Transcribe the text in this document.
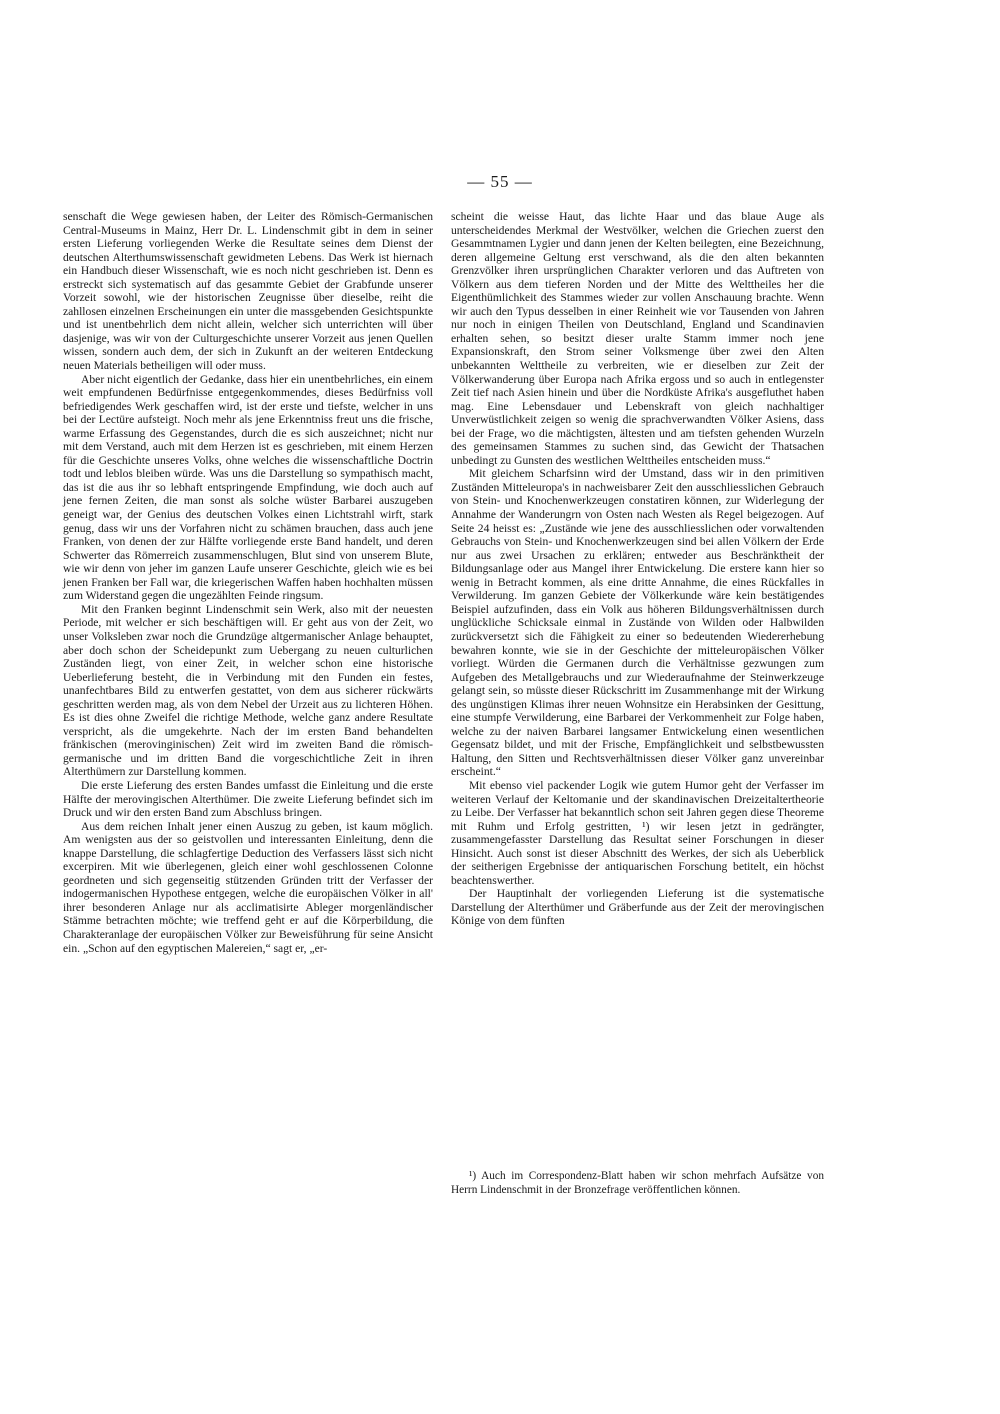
— 55 —

senschaft die Wege gewiesen haben, der Leiter des Römisch-Germanischen Central-Museums in Mainz, Herr Dr. L. Lindenschmit gibt in dem in seiner ersten Lieferung vorliegenden Werke die Resultate seines dem Dienst der deutschen Alterthumswissenschaft gewidmeten Lebens. Das Werk ist hiernach ein Handbuch dieser Wissenschaft, wie es noch nicht geschrieben ist. Denn es erstreckt sich systematisch auf das gesammte Gebiet der Grabfunde unserer Vorzeit sowohl, wie der historischen Zeugnisse über dieselbe, reiht die zahllosen einzelnen Erscheinungen ein unter die massgebenden Gesichtspunkte und ist unentbehrlich dem nicht allein, welcher sich unterrichten will über dasjenige, was wir von der Culturgeschichte unserer Vorzeit aus jenen Quellen wissen, sondern auch dem, der sich in Zukunft an der weiteren Entdeckung neuen Materials betheiligen will oder muss.

Aber nicht eigentlich der Gedanke, dass hier ein unentbehrliches, ein einem weit empfundenen Bedürfnisse entgegenkommendes, dieses Bedürfniss voll befriedigendes Werk geschaffen wird, ist der erste und tiefste, welcher in uns bei der Lectüre aufsteigt. Noch mehr als jene Erkenntniss freut uns die frische, warme Erfassung des Gegenstandes, durch die es sich auszeichnet; nicht nur mit dem Verstand, auch mit dem Herzen ist es geschrieben, mit einem Herzen für die Geschichte unseres Volks, ohne welches die wissenschaftliche Doctrin todt und leblos bleiben würde. Was uns die Darstellung so sympathisch macht, das ist die aus ihr so lebhaft entspringende Empfindung, wie doch auch auf jene fernen Zeiten, die man sonst als solche wüster Barbarei auszugeben geneigt war, der Genius des deutschen Volkes einen Lichtstrahl wirft, stark genug, dass wir uns der Vorfahren nicht zu schämen brauchen, dass auch jene Franken, von denen der zur Hälfte vorliegende erste Band handelt, und deren Schwerter das Römerreich zusammenschlugen, Blut sind von unserem Blute, wie wir denn von jeher im ganzen Laufe unserer Geschichte, gleich wie es bei jenen Franken ber Fall war, die kriegerischen Waffen haben hochhalten müssen zum Widerstand gegen die ungezählten Feinde ringsum.

Mit den Franken beginnt Lindenschmit sein Werk, also mit der neuesten Periode, mit welcher er sich beschäftigen will. Er geht aus von der Zeit, wo unser Volksleben zwar noch die Grundzüge altgermanischer Anlage behauptet, aber doch schon der Scheidepunkt zum Uebergang zu neuen culturlichen Zuständen liegt, von einer Zeit, in welcher schon eine historische Ueberlieferung besteht, die in Verbindung mit den Funden ein festes, unanfechtbares Bild zu entwerfen gestattet, von dem aus sicherer rückwärts geschritten werden mag, als von dem Nebel der Urzeit aus zu lichteren Höhen. Es ist dies ohne Zweifel die richtige Methode, welche ganz andere Resultate verspricht, als die umgekehrte. Nach der im ersten Band behandelten fränkischen (merovinginischen) Zeit wird im zweiten Band die römisch-germanische und im dritten Band die vorgeschichtliche Zeit in ihren Alterthümern zur Darstellung kommen.

Die erste Lieferung des ersten Bandes umfasst die Einleitung und die erste Hälfte der merovingischen Alterthümer. Die zweite Lieferung befindet sich im Druck und wir den ersten Band zum Abschluss bringen.

Aus dem reichen Inhalt jener einen Auszug zu geben, ist kaum möglich. Am wenigsten aus der so geistvollen und interessanten Einleitung, denn die knappe Darstellung, die schlagfertige Deduction des Verfassers lässt sich nicht excerpiren. Mit wie überlegenen, gleich einer wohl geschlossenen Colonne geordneten und sich gegenseitig stützenden Gründen tritt der Verfasser der indogermanischen Hypothese entgegen, welche die europäischen Völker in all' ihrer besonderen Anlage nur als acclimatisirte Ableger morgenländischer Stämme betrachten möchte; wie treffend geht er auf die Körperbildung, die Charakteranlage der europäischen Völker zur Beweisführung für seine Ansicht ein. „Schon auf den egyptischen Malereien,“ sagt er, „er-

scheint die weisse Haut, das lichte Haar und das blaue Auge als unterscheidendes Merkmal der Westvölker, welchen die Griechen zuerst den Gesammtnamen Lygier und dann jenen der Kelten beilegten, eine Bezeichnung, deren allgemeine Geltung erst verschwand, als die den alten bekannten Grenzvölker ihren ursprünglichen Charakter verloren und das Auftreten von Völkern aus dem tieferen Norden und der Mitte des Welttheiles her die Eigenthümlichkeit des Stammes wieder zur vollen Anschauung brachte. Wenn wir auch den Typus desselben in einer Reinheit wie vor Tausenden von Jahren nur noch in einigen Theilen von Deutschland, England und Scandinavien erhalten sehen, so besitzt dieser uralte Stamm immer noch jene Expansionskraft, den Strom seiner Volksmenge über zwei den Alten unbekannten Welttheile zu verbreiten, wie er dieselben zur Zeit der Völkerwanderung über Europa nach Afrika ergoss und so auch in entlegenster Zeit tief nach Asien hinein und über die Nordküste Afrika's ausgefluthet haben mag. Eine Lebensdauer und Lebenskraft von gleich nachhaltiger Unverwüstlichkeit zeigen so wenig die sprachverwandten Völker Asiens, dass bei der Frage, wo die mächtigsten, ältesten und am tiefsten gehenden Wurzeln des gemeinsamen Stammes zu suchen sind, das Gewicht der Thatsachen unbedingt zu Gunsten des westlichen Welttheiles entscheiden muss.“

Mit gleichem Scharfsinn wird der Umstand, dass wir in den primitiven Zuständen Mitteleuropa's in nachweisbarer Zeit den ausschliesslichen Gebrauch von Stein- und Knochenwerkzeugen constatiren können, zur Widerlegung der Annahme der Wanderungrn von Osten nach Westen als Regel beigezogen. Auf Seite 24 heisst es: „Zustände wie jene des ausschliesslichen oder vorwaltenden Gebrauchs von Stein- und Knochenwerkzeugen sind bei allen Völkern der Erde nur aus zwei Ursachen zu erklären; entweder aus Beschränktheit der Bildungsanlage oder aus Mangel ihrer Entwickelung. Die erstere kann hier so wenig in Betracht kommen, als eine dritte Annahme, die eines Rückfalles in Verwilderung. Im ganzen Gebiete der Völkerkunde wäre kein bestätigendes Beispiel aufzufinden, dass ein Volk aus höheren Bildungsverhältnissen durch unglückliche Schicksale einmal in Zustände von Wilden oder Halbwilden zurückversetzt sich die Fähigkeit zu einer so bedeutenden Wiedererhebung bewahren konnte, wie sie in der Geschichte der mitteleuropäischen Völker vorliegt. Würden die Germanen durch die Verhältnisse gezwungen zum Aufgeben des Metallgebrauchs und zur Wiederaufnahme der Steinwerkzeuge gelangt sein, so müsste dieser Rückschritt im Zusammenhange mit der Wirkung des ungünstigen Klimas ihrer neuen Wohnsitze ein Herabsinken der Gesittung, eine stumpfe Verwilderung, eine Barbarei der Verkommenheit zur Folge haben, welche zu der naiven Barbarei langsamer Entwickelung einen wesentlichen Gegensatz bildet, und mit der Frische, Empfänglichkeit und selbstbewussten Haltung, den Sitten und Rechtsverhältnissen dieser Völker ganz unvereinbar erscheint.“

Mit ebenso viel packender Logik wie gutem Humor geht der Verfasser im weiteren Verlauf der Keltomanie und der skandinavischen Dreizeitaltertheorie zu Leibe. Der Verfasser hat bekanntlich schon seit Jahren gegen diese Theoreme mit Ruhm und Erfolg gestritten, ¹) wir lesen jetzt in gedrängter, zusammengefasster Darstellung das Resultat seiner Forschungen in dieser Hinsicht. Auch sonst ist dieser Abschnitt des Werkes, der sich als Ueberblick der seitherigen Ergebnisse der antiquarischen Forschung betitelt, ein höchst beachtenswerther.

Der Hauptinhalt der vorliegenden Lieferung ist die systematische Darstellung der Alterthümer und Gräberfunde aus der Zeit der merovingischen Könige von dem fünften

¹) Auch im Correspondenz-Blatt haben wir schon mehrfach Aufsätze von Herrn Lindenschmit in der Bronzefrage veröffentlichen können.
